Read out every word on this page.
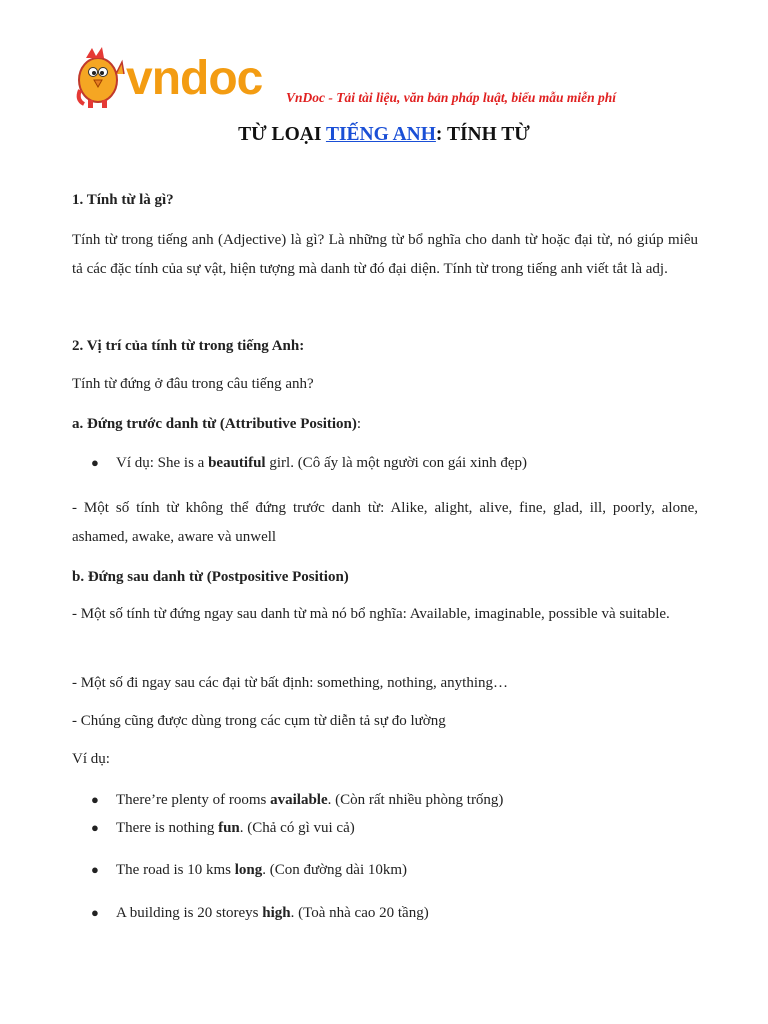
vndoc VnDoc - Tải tài liệu, văn bản pháp luật, biểu mẫu miễn phí
TỪ LOẠI TIẾNG ANH: TÍNH TỪ

1. Tính từ là gì?

Tính từ trong tiếng anh (Adjective) là gì? Là những từ bổ nghĩa cho danh từ hoặc đại từ, nó giúp miêu tả các đặc tính của sự vật, hiện tượng mà danh từ đó đại diện. Tính từ trong tiếng anh viết tắt là adj.

2. Vị trí của tính từ trong tiếng Anh:

Tính từ đứng ở đâu trong câu tiếng anh?

a. Đứng trước danh từ (Attributive Position):

● Ví dụ: She is a beautiful girl. (Cô ấy là một người con gái xinh đẹp)

- Một số tính từ không thể đứng trước danh từ: Alike, alight, alive, fine, glad, ill, poorly, alone, ashamed, awake, aware và unwell

b. Đứng sau danh từ (Postpositive Position)

- Một số tính từ đứng ngay sau danh từ mà nó bổ nghĩa: Available, imaginable, possible và suitable.

- Một số đi ngay sau các đại từ bất định: something, nothing, anything…

- Chúng cũng được dùng trong các cụm từ diễn tả sự đo lường

Ví dụ:

● There’re plenty of rooms available. (Còn rất nhiều phòng trống)
● There is nothing fun. (Chả có gì vui cả)
● The road is 10 kms long. (Con đường dài 10km)
● A building is 20 storeys high. (Toà nhà cao 20 tầng)
